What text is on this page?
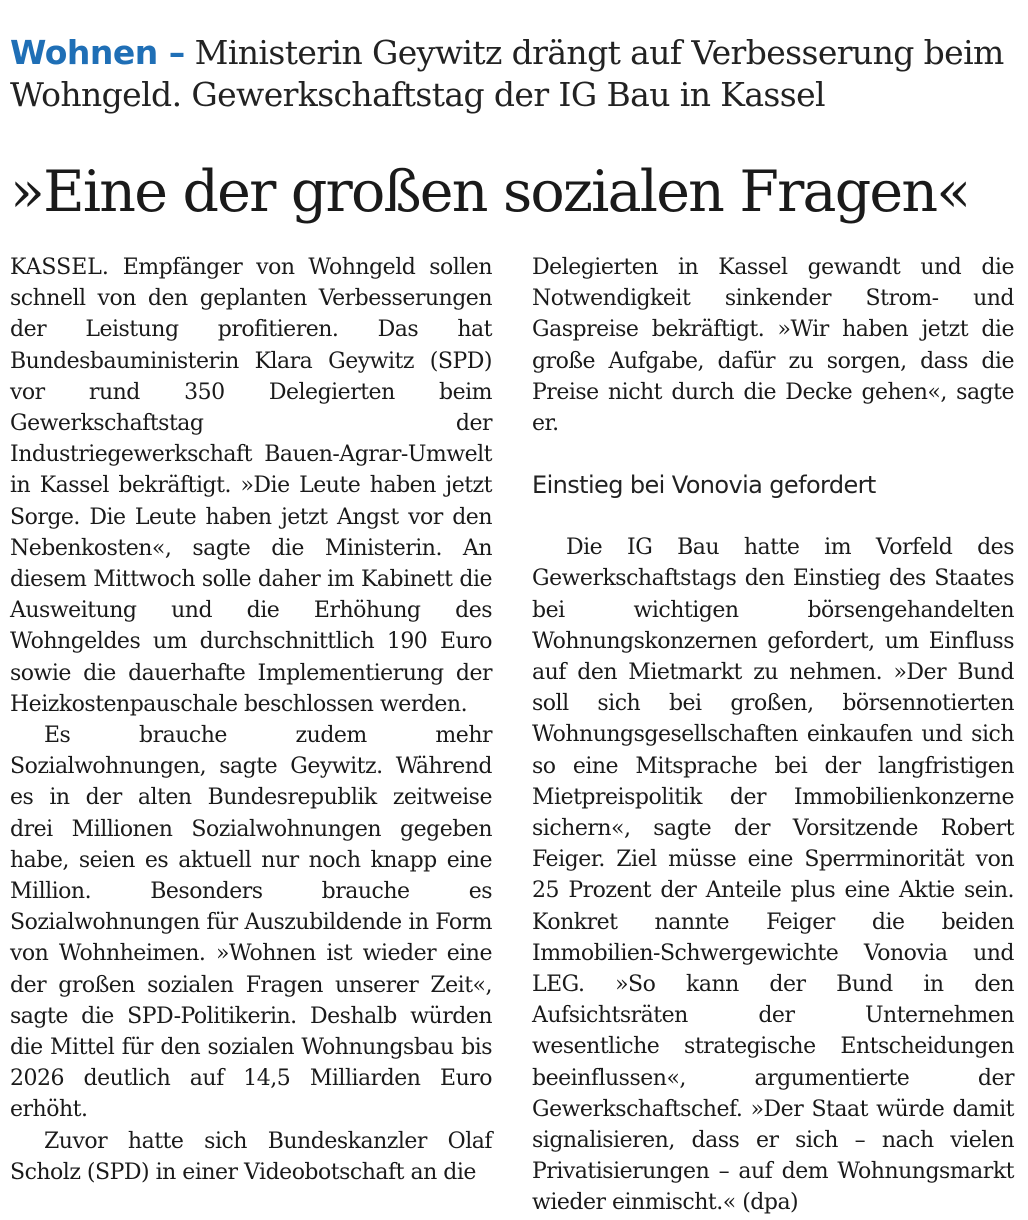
Wohnen – Ministerin Geywitz drängt auf Verbesserung beim Wohngeld. Gewerkschaftstag der IG Bau in Kassel
»Eine der großen sozialen Fragen«

KASSEL. Empfänger von Wohngeld sollen schnell von den geplanten Verbesserungen der Leistung profitieren. Das hat Bundesbauministerin Klara Geywitz (SPD) vor rund 350 Delegierten beim Gewerkschaftstag der Industriegewerkschaft Bauen-Agrar-Umwelt in Kassel bekräftigt. »Die Leute haben jetzt Sorge. Die Leute haben jetzt Angst vor den Nebenkosten«, sagte die Ministerin. An diesem Mittwoch solle daher im Kabinett die Ausweitung und die Erhöhung des Wohngeldes um durchschnittlich 190 Euro sowie die dauerhafte Implementierung der Heizkostenpauschale beschlossen werden.

Es brauche zudem mehr Sozialwohnungen, sagte Geywitz. Während es in der alten Bundesrepublik zeitweise drei Millionen Sozialwohnungen gegeben habe, seien es aktuell nur noch knapp eine Million. Besonders brauche es Sozialwohnungen für Auszubildende in Form von Wohnheimen. »Wohnen ist wieder eine der großen sozialen Fragen unserer Zeit«, sagte die SPD-Politikerin. Deshalb würden die Mittel für den sozialen Wohnungsbau bis 2026 deutlich auf 14,5 Milliarden Euro erhöht.

Zuvor hatte sich Bundeskanzler Olaf Scholz (SPD) in einer Videobotschaft an die

Delegierten in Kassel gewandt und die Notwendigkeit sinkender Strom- und Gaspreise bekräftigt. »Wir haben jetzt die große Aufgabe, dafür zu sorgen, dass die Preise nicht durch die Decke gehen«, sagte er.

Einstieg bei Vonovia gefordert

Die IG Bau hatte im Vorfeld des Gewerkschaftstags den Einstieg des Staates bei wichtigen börsengehandelten Wohnungskonzernen gefordert, um Einfluss auf den Mietmarkt zu nehmen. »Der Bund soll sich bei großen, börsennotierten Wohnungsgesellschaften einkaufen und sich so eine Mitsprache bei der langfristigen Mietpreispolitik der Immobilienkonzerne sichern«, sagte der Vorsitzende Robert Feiger. Ziel müsse eine Sperrminorität von 25 Prozent der Anteile plus eine Aktie sein. Konkret nannte Feiger die beiden Immobilien-Schwergewichte Vonovia und LEG. »So kann der Bund in den Aufsichtsräten der Unternehmen wesentliche strategische Entscheidungen beeinflussen«, argumentierte der Gewerkschaftschef. »Der Staat würde damit signalisieren, dass er sich – nach vielen Privatisierungen – auf dem Wohnungsmarkt wieder einmischt.« (dpa)
